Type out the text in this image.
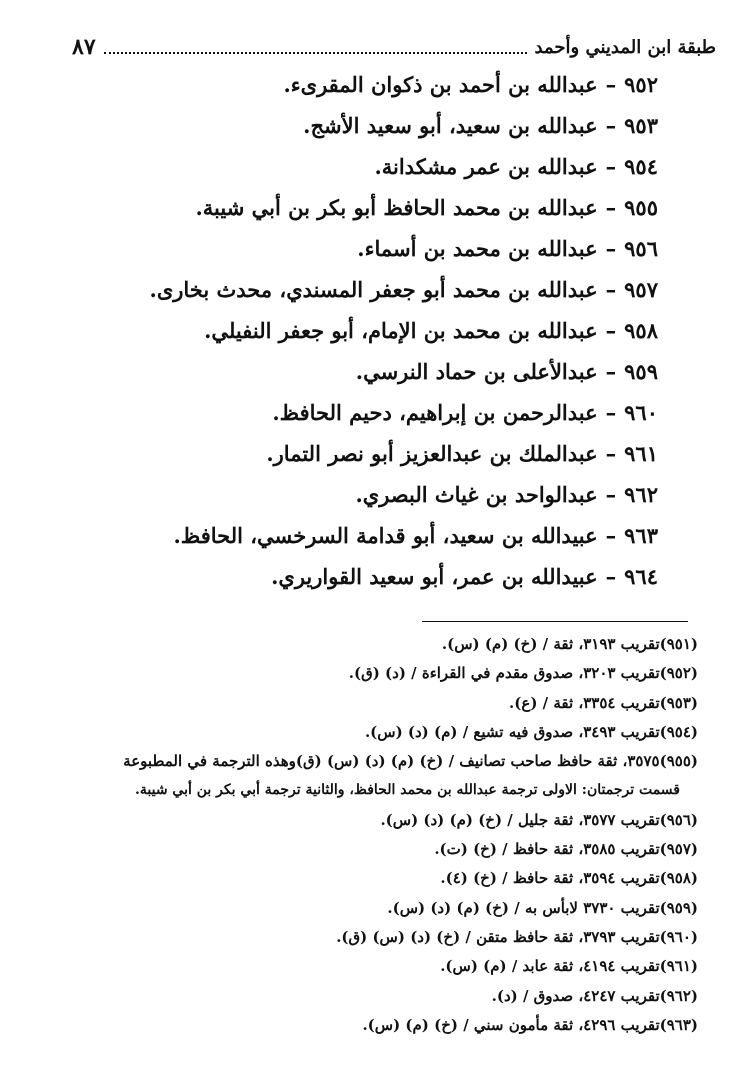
طبقة ابن المديني وأحمد
٨٧
٩٥٢–عبدالله بن أحمد بن ذكوان المقرىء.
٩٥٣–عبدالله بن سعيد، أبو سعيد الأشج.
٩٥٤–عبدالله بن عمر مشكدانة.
٩٥٥–عبدالله بن محمد الحافظ أبو بكر بن أبي شيبة.
٩٥٦–عبدالله بن محمد بن أسماء.
٩٥٧–عبدالله بن محمد أبو جعفر المسندي، محدث بخارى.
٩٥٨–عبدالله بن محمد بن الإمام، أبو جعفر النفيلي.
٩٥٩–عبدالأعلى بن حماد النرسي.
٩٦٠–عبدالرحمن بن إبراهيم، دحيم الحافظ.
٩٦١–عبدالملك بن عبدالعزيز أبو نصر التمار.
٩٦٢–عبدالواحد بن غياث البصري.
٩٦٣–عبيدالله بن سعيد، أبو قدامة السرخسي، الحافظ.
٩٦٤–عبيدالله بن عمر، أبو سعيد القواريري.
(٩٥١)تقريب ٣١٩٣، ثقة / (خ) (م) (س).
(٩٥٢)تقريب ٣٢٠٣، صدوق مقدم في القراءة / (د) (ق).
(٩٥٣)تقريب ٣٣٥٤، ثقة / (ع).
(٩٥٤)تقريب ٣٤٩٣، صدوق فيه تشيع / (م) (د) (س).
(٩٥٥)٣٥٧٥، ثقة حافظ صاحب تصانيف / (خ) (م) (د) (س) (ق)وهذه الترجمة في المطبوعة
قسمت ترجمتان: الاولى ترجمة عبدالله بن محمد الحافظ، والثانية ترجمة أبي بكر بن أبي شيبة.
(٩٥٦)تقريب ٣٥٧٧، ثقة جليل / (خ) (م) (د) (س).
(٩٥٧)تقريب ٣٥٨٥، ثقة حافظ / (خ) (ت).
(٩٥٨)تقريب ٣٥٩٤، ثقة حافظ / (خ) (٤).
(٩٥٩)تقريب ٣٧٣٠ لابأس به / (خ) (م) (د) (س).
(٩٦٠)تقريب ٣٧٩٣، ثقة حافظ متقن / (خ) (د) (س) (ق).
(٩٦١)تقريب ٤١٩٤، ثقة عابد / (م) (س).
(٩٦٢)تقريب ٤٢٤٧، صدوق / (د).
(٩٦٣)تقريب ٤٢٩٦، ثقة مأمون سني / (خ) (م) (س).
